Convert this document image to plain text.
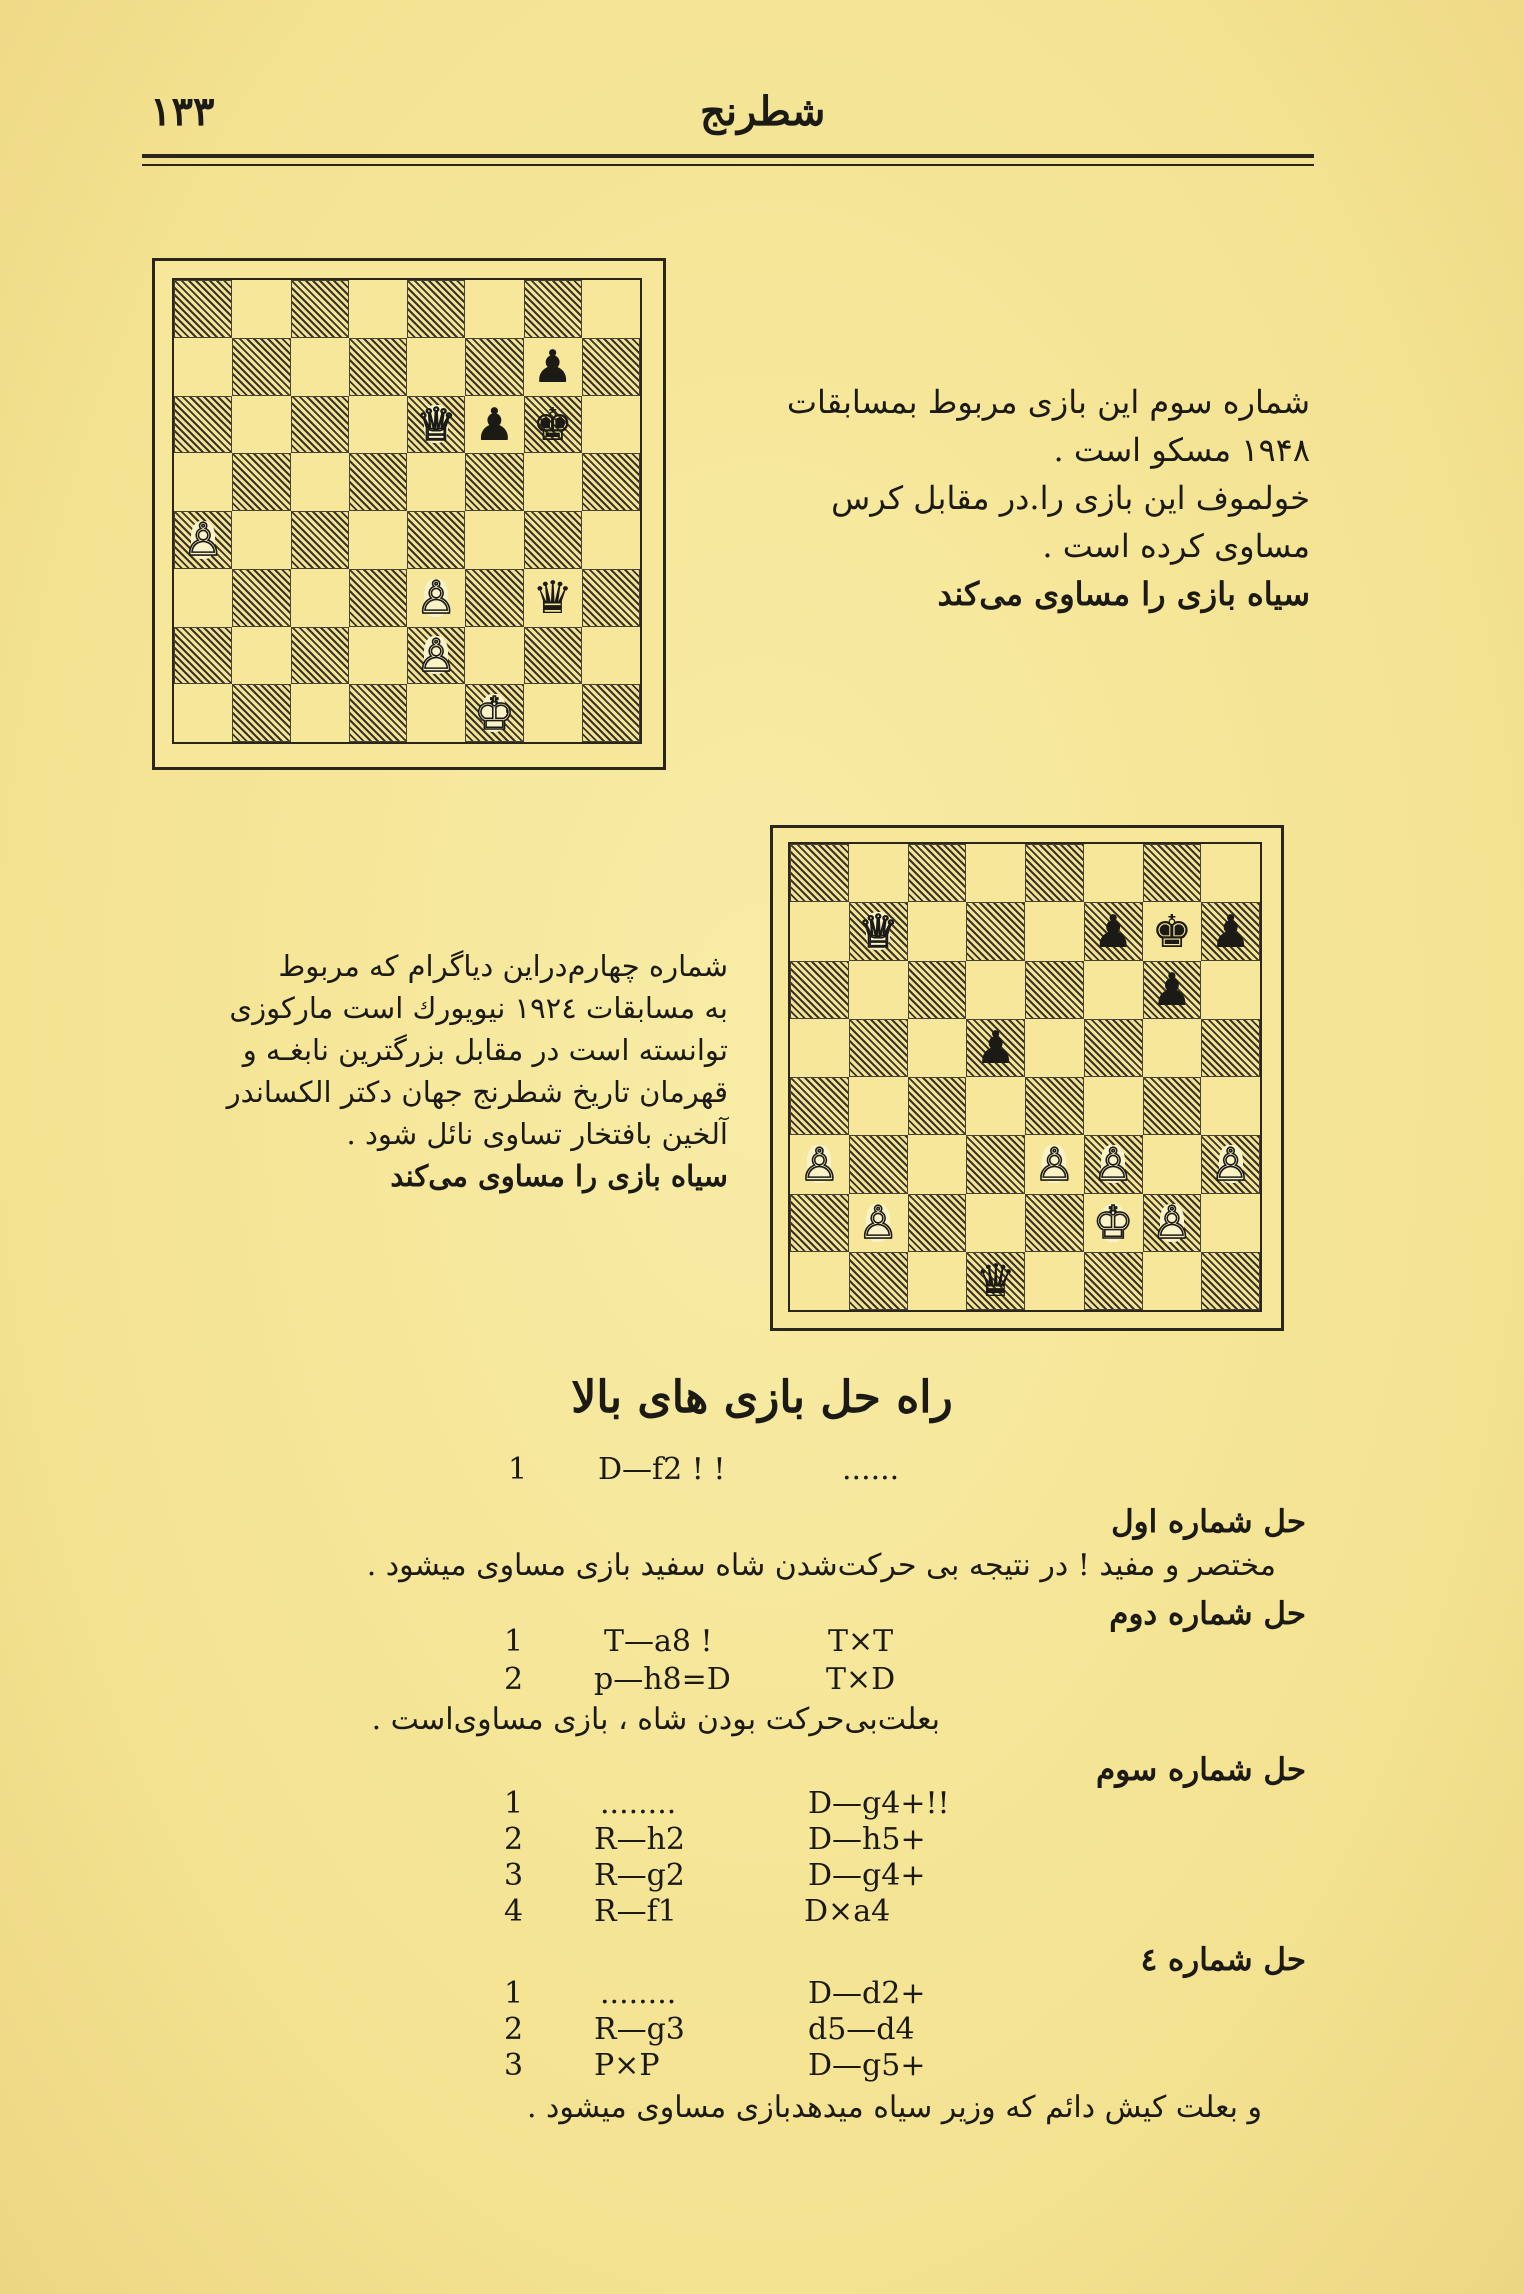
۱۳۳	شطرنج
♟
♕ ♟ ♚
♙
♙ ♛
♙
♔
شماره سوم این بازی مربوط بمسابقات
۱۹۴۸ مسکو است .
خولموف این بازی را.در مقابل کرس
مساوی کرده است .
سیاه بازی را مساوی می‌کند
♕	♟ ♚ ♟
♟
♟
♙	♙ ♙ ♙
♙	♔ ♙
♛
شماره چهارم‌دراین دیاگرام که مربوط
به مسابقات ۱۹۲٤ نیویورك است مارکوزی
توانسته است در مقابل بزرگترین نابغـه و
قهرمان تاریخ شطرنج جهان دکتر الکساندر
آلخین بافتخار تساوی نائل شود .
سیاه بازی را مساوی می‌کند
راه حل بازی های بالا
1 D—f2 ! !	......
حل شماره اول
مختصر و مفید ! در نتیجه بی حرکت‌شدن شاه سفید بازی مساوی میشود .
حل شماره دوم
1	T—a8 !	T×T
2 p—h8=D	T×D
بعلت‌بی‌حرکت بودن شاه ، بازی مساوی‌است .
حل شماره سوم
1	........	D—g4+!!
2 R—h2	D—h5+
3 R—g2	D—g4+
4 R—f1	D×a4
حل شماره ٤
1	........	D—d2+
2 R—g3	d5—d4
3 P×P	D—g5+
و بعلت کیش دائم که وزیر سیاه میدهدبازی مساوی میشود .
